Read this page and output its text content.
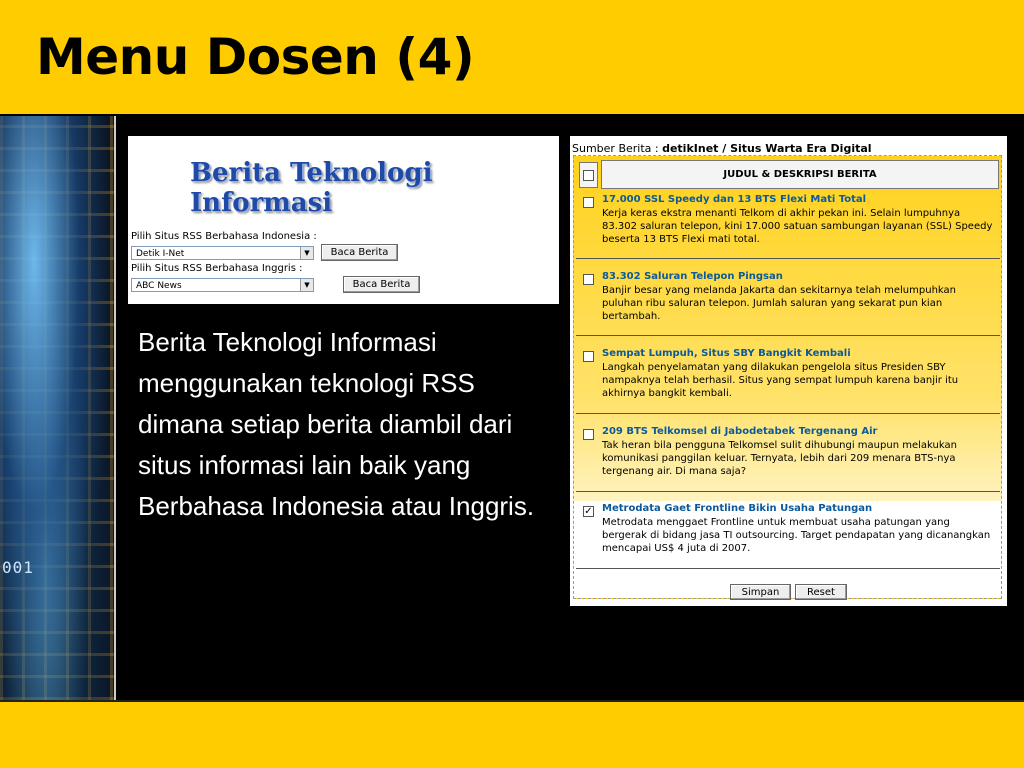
Menu Dosen (4)
001
Berita Teknologi Informasi
Pilih Situs RSS Berbahasa Indonesia :
Detik I-Net	▼	Baca Berita
Pilih Situs RSS Berbahasa Inggris :
ABC News	▼	Baca Berita
Berita Teknologi Informasi menggunakan teknologi RSS dimana setiap berita diambil dari situs informasi lain baik yang Berbahasa Indonesia atau Inggris.
Sumber Berita : detikInet / Situs Warta Era Digital
JUDUL & DESKRIPSI BERITA
17.000 SSL Speedy dan 13 BTS Flexi Mati Total
Kerja keras ekstra menanti Telkom di akhir pekan ini. Selain lumpuhnya 83.302 saluran telepon, kini 17.000 satuan sambungan layanan (SSL) Speedy beserta 13 BTS Flexi mati total.
83.302 Saluran Telepon Pingsan
Banjir besar yang melanda Jakarta dan sekitarnya telah melumpuhkan puluhan ribu saluran telepon. Jumlah saluran yang sekarat pun kian bertambah.
Sempat Lumpuh, Situs SBY Bangkit Kembali
Langkah penyelamatan yang dilakukan pengelola situs Presiden SBY nampaknya telah berhasil. Situs yang sempat lumpuh karena banjir itu akhirnya bangkit kembali.
209 BTS Telkomsel di Jabodetabek Tergenang Air
Tak heran bila pengguna Telkomsel sulit dihubungi maupun melakukan komunikasi panggilan keluar. Ternyata, lebih dari 209 menara BTS-nya tergenang air. Di mana saja?
✓ Metrodata Gaet Frontline Bikin Usaha Patungan
Metrodata menggaet Frontline untuk membuat usaha patungan yang bergerak di bidang jasa TI outsourcing. Target pendapatan yang dicanangkan mencapai US$ 4 juta di 2007.
Simpan	Reset
